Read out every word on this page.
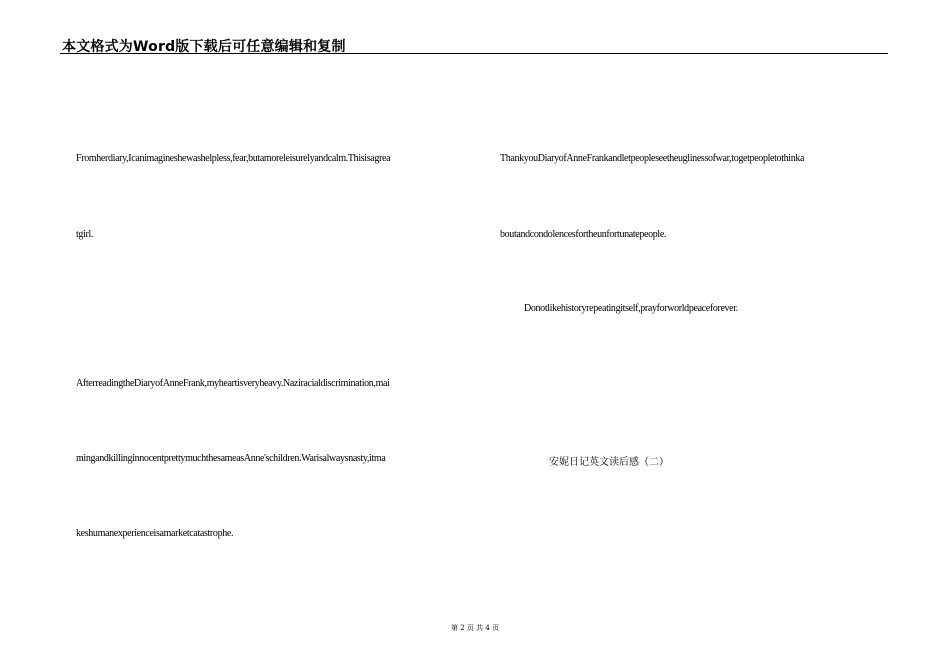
本文格式为Word版下载后可任意编辑和复制
Fromherdiary,Icanimagineshewashelpless,fear,butamoreleisurelyandcalm.Thisisagrea
tgirl.
AfterreadingtheDiaryofAnneFrank,myheartisveryheavy.Naziracialdiscrimination,mai
mingandkillinginnocentprettymuchthesameasAnne'schildren.Warisalwaysnasty,itma
keshumanexperienceisamarketcatastrophe.
ThankyouDiaryofAnneFrankandletpeopleseetheuglinessofwar,togetpeopletothinka
boutandcondolencesfortheunfortunatepeople.
Donotlikehistoryrepeatingitself,prayforworldpeaceforever.
安妮日记英文读后感（二）
第 2 页 共 4 页
